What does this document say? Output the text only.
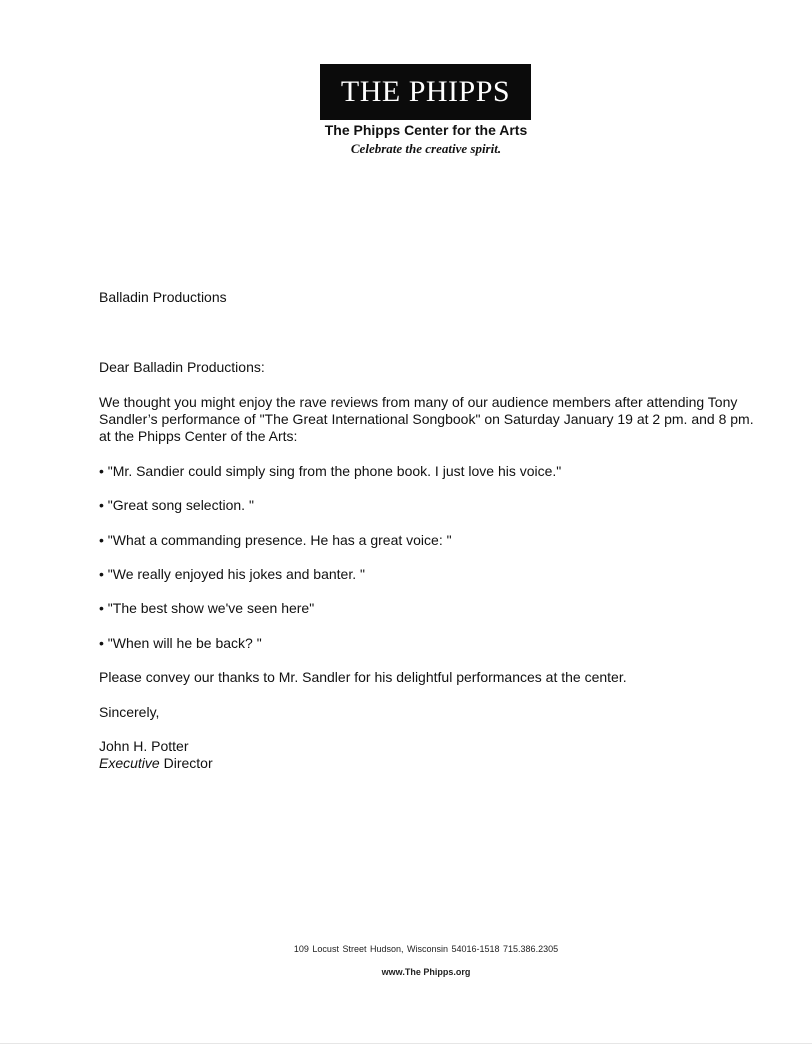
THE PHIPPS
The Phipps Center for the Arts
Celebrate the creative spirit.
Balladin Productions
Dear Balladin Productions:
We thought you might enjoy the rave reviews from many of our audience members after attending Tony Sandler’s performance of "The Great International Songbook" on Saturday January 19 at 2 pm. and 8 pm. at the Phipps Center of the Arts:
• "Mr. Sandier could simply sing from the phone book. I just love his voice."
• "Great song selection. "
• "What a commanding presence. He has a great voice: "
• "We really enjoyed his jokes and banter. "
• "The best show we've seen here"
• "When will he be back? "
Please convey our thanks to Mr. Sandler for his delightful performances at the center.
Sincerely,
John H. Potter
Executive Director
109 Locust Street Hudson, Wisconsin 54016-1518 715.386.2305
www.The Phipps.org
